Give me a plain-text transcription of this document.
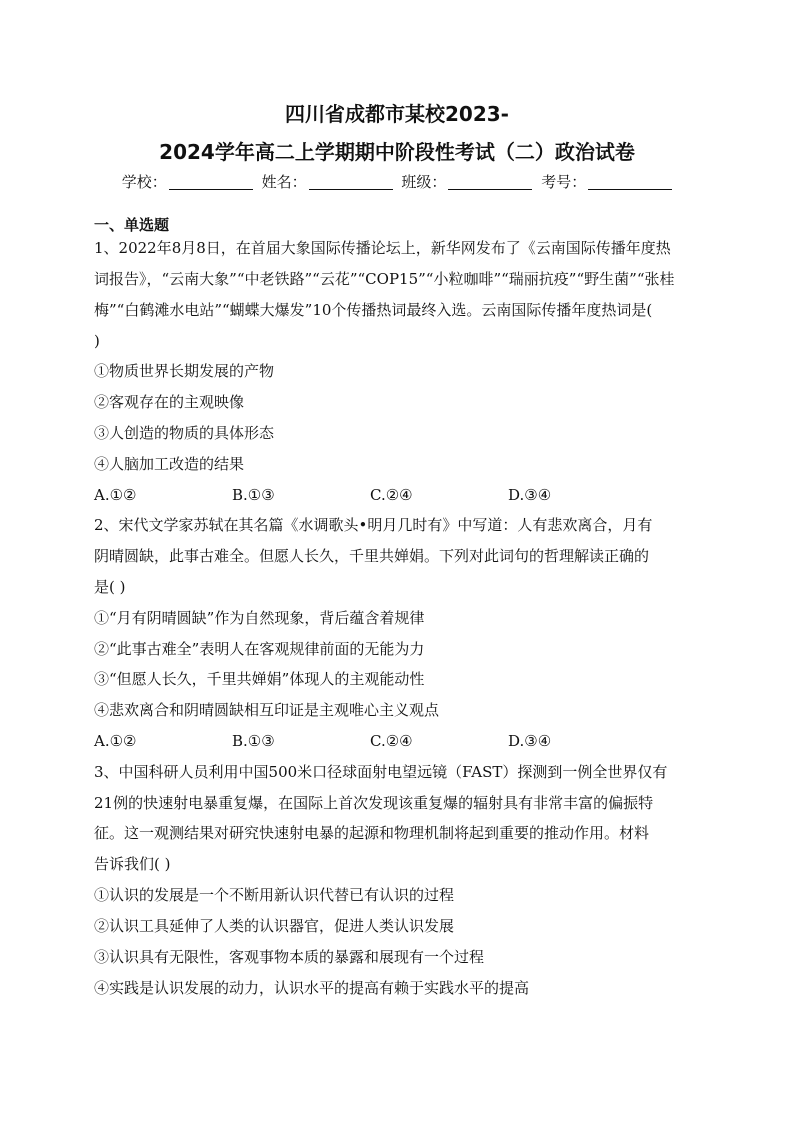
四川省成都市某校2023-
2024学年高二上学期期中阶段性考试（二）政治试卷
学校：	姓名：	班级：	考号：
一、单选题
1、2022年8月8日，在首届大象国际传播论坛上，新华网发布了《云南国际传播年度热
词报告》，“云南大象”“中老铁路”“云花”“COP15”“小粒咖啡”“瑞丽抗疫”“野生菌”“张桂
梅”“白鹤滩水电站”“蝴蝶大爆发”10个传播热词最终入选。云南国际传播年度热词是(
)
①物质世界长期发展的产物
②客观存在的主观映像
③人创造的物质的具体形态
④人脑加工改造的结果
A.①②	B.①③	C.②④	D.③④
2、宋代文学家苏轼在其名篇《水调歌头•明月几时有》中写道：人有悲欢离合，月有
阴晴圆缺，此事古难全。但愿人长久，千里共婵娟。下列对此词句的哲理解读正确的
是( )
①“月有阴晴圆缺”作为自然现象，背后蕴含着规律
②“此事古难全”表明人在客观规律前面的无能为力
③“但愿人长久，千里共婵娟”体现人的主观能动性
④悲欢离合和阴晴圆缺相互印证是主观唯心主义观点
A.①②	B.①③	C.②④	D.③④
3、中国科研人员利用中国500米口径球面射电望远镜（FAST）探测到一例全世界仅有
21例的快速射电暴重复爆，在国际上首次发现该重复爆的辐射具有非常丰富的偏振特
征。这一观测结果对研究快速射电暴的起源和物理机制将起到重要的推动作用。材料
告诉我们( )
①认识的发展是一个不断用新认识代替已有认识的过程
②认识工具延伸了人类的认识器官，促进人类认识发展
③认识具有无限性，客观事物本质的暴露和展现有一个过程
④实践是认识发展的动力，认识水平的提高有赖于实践水平的提高
